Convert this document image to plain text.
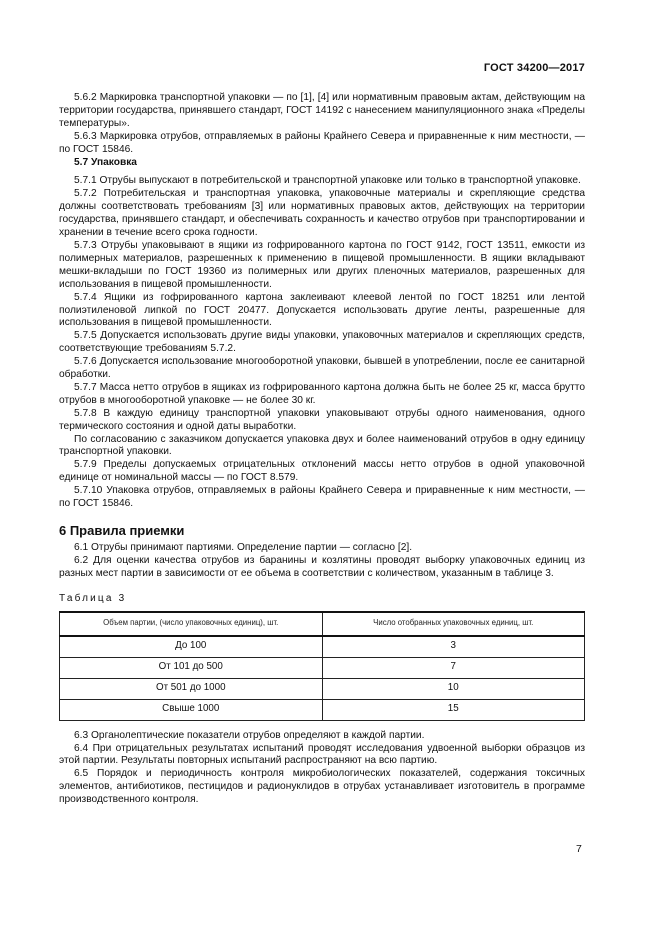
ГОСТ 34200—2017

5.6.2 Маркировка транспортной упаковки — по [1], [4] или нормативным правовым актам, действующим на территории государства, принявшего стандарт, ГОСТ 14192 с нанесением манипуляционного знака «Пределы температуры».

5.6.3 Маркировка отрубов, отправляемых в районы Крайнего Севера и приравненные к ним местности, — по ГОСТ 15846.

5.7 Упаковка

5.7.1 Отрубы выпускают в потребительской и транспортной упаковке или только в транспортной упаковке.

5.7.2 Потребительская и транспортная упаковка, упаковочные материалы и скрепляющие средства должны соответствовать требованиям [3] или нормативных правовых актов, действующих на территории государства, принявшего стандарт, и обеспечивать сохранность и качество отрубов при транспортировании и хранении в течение всего срока годности.

5.7.3 Отрубы упаковывают в ящики из гофрированного картона по ГОСТ 9142, ГОСТ 13511, емкости из полимерных материалов, разрешенных к применению в пищевой промышленности. В ящики вкладывают мешки-вкладыши по ГОСТ 19360 из полимерных или других пленочных материалов, разрешенных для использования в пищевой промышленности.

5.7.4 Ящики из гофрированного картона заклеивают клеевой лентой по ГОСТ 18251 или лентой полиэтиленовой липкой по ГОСТ 20477. Допускается использовать другие ленты, разрешенные для использования в пищевой промышленности.

5.7.5 Допускается использовать другие виды упаковки, упаковочных материалов и скрепляющих средств, соответствующие требованиям 5.7.2.

5.7.6 Допускается использование многооборотной упаковки, бывшей в употреблении, после ее санитарной обработки.

5.7.7 Масса нетто отрубов в ящиках из гофрированного картона должна быть не более 25 кг, масса брутто отрубов в многооборотной упаковке — не более 30 кг.

5.7.8 В каждую единицу транспортной упаковки упаковывают отрубы одного наименования, одного термического состояния и одной даты выработки.

По согласованию с заказчиком допускается упаковка двух и более наименований отрубов в одну единицу транспортной упаковки.

5.7.9 Пределы допускаемых отрицательных отклонений массы нетто отрубов в одной упаковочной единице от номинальной массы — по ГОСТ 8.579.

5.7.10 Упаковка отрубов, отправляемых в районы Крайнего Севера и приравненные к ним местности, — по ГОСТ 15846.

6 Правила приемки

6.1 Отрубы принимают партиями. Определение партии — согласно [2].

6.2 Для оценки качества отрубов из баранины и козлятины проводят выборку упаковочных единиц из разных мест партии в зависимости от ее объема в соответствии с количеством, указанным в таблице 3.

Таблица 3
Объем партии, (число упаковочных единиц), шт.	Число отобранных упаковочных единиц, шт.
До 100	3
От 101 до 500	7
От 501 до 1000	10
Свыше 1000	15

6.3 Органолептические показатели отрубов определяют в каждой партии.

6.4 При отрицательных результатах испытаний проводят исследования удвоенной выборки образцов из этой партии. Результаты повторных испытаний распространяют на всю партию.

6.5 Порядок и периодичность контроля микробиологических показателей, содержания токсичных элементов, антибиотиков, пестицидов и радионуклидов в отрубах устанавливает изготовитель в программе производственного контроля.

7
